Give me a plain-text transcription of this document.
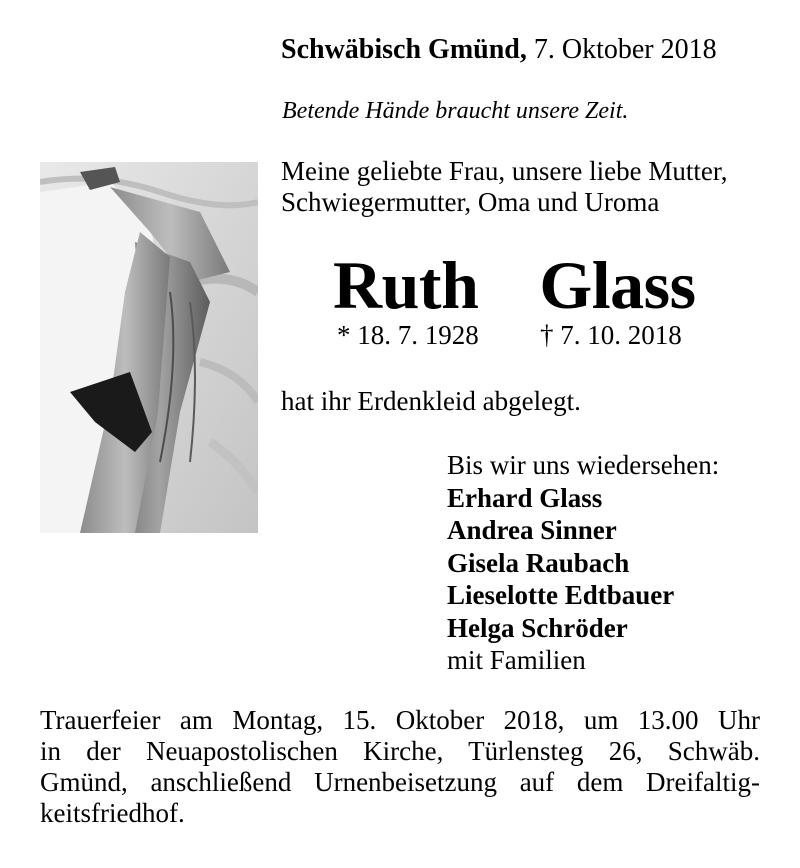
Schwäbisch Gmünd, 7. Oktober 2018
Betende Hände braucht unsere Zeit.
Meine geliebte Frau, unsere liebe Mutter,
Schwiegermutter, Oma und Uroma
Ruth  Glass
* 18. 7. 1928 † 7. 10. 2018
hat ihr Erdenkleid abgelegt.
Bis wir uns wiedersehen:
Erhard Glass
Andrea Sinner
Gisela Raubach
Lieselotte Edtbauer
Helga Schröder
mit Familien
Trauerfeier am Montag, 15. Oktober 2018, um 13.00 Uhr
in der Neuapostolischen Kirche, Türlensteg 26, Schwäb.
Gmünd, anschließend Urnenbeisetzung auf dem Dreifaltig-
keitsfriedhof.
